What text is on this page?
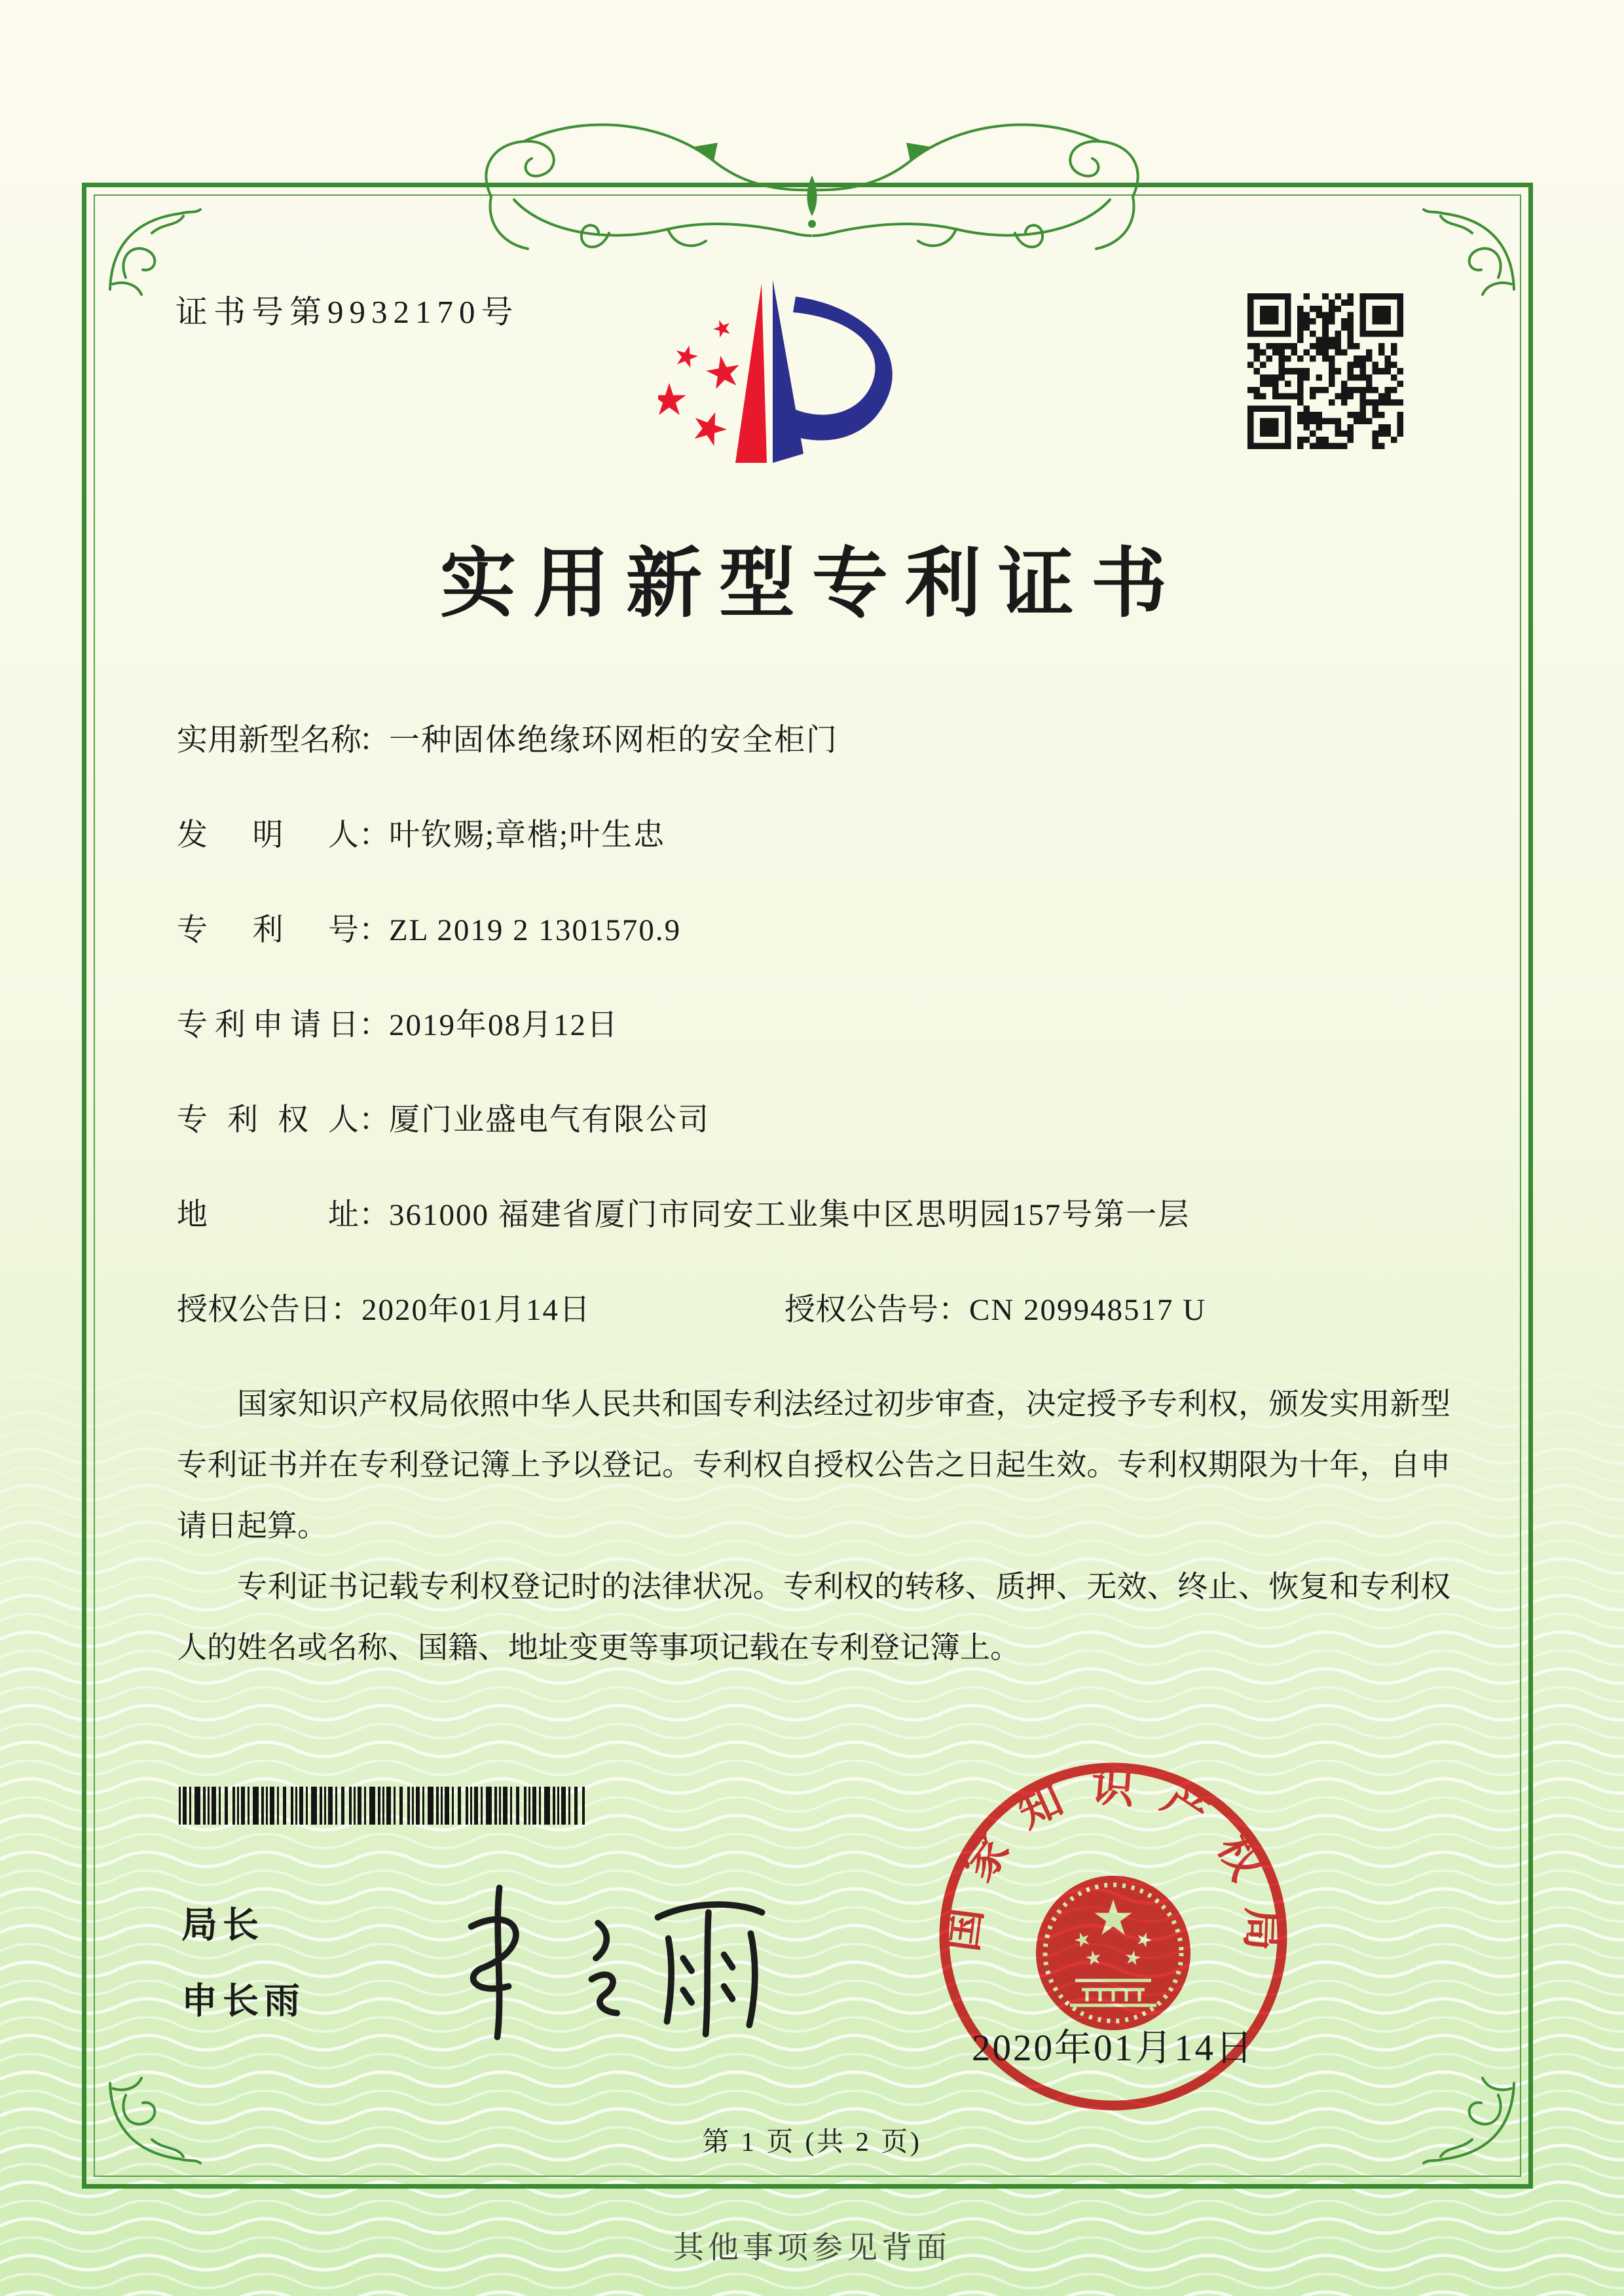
证书号第9932170号
实用新型专利证书
实用新型名称：一种固体绝缘环网柜的安全柜门
发明人：叶钦赐;章楷;叶生忠
专利号：ZL 2019 2 1301570.9
专利申请日：2019年08月12日
专利权人：厦门业盛电气有限公司
地址：361000 福建省厦门市同安工业集中区思明园157号第一层
授权公告日：2020年01月14日	授权公告号：CN 209948517 U

国家知识产权局依照中华人民共和国专利法经过初步审查，决定授予专利权，颁发实用新型专利证书并在专利登记簿上予以登记。专利权自授权公告之日起生效。专利权期限为十年，自申请日起算。

专利证书记载专利权登记时的法律状况。专利权的转移、质押、无效、终止、恢复和专利权人的姓名或名称、国籍、地址变更等事项记载在专利登记簿上。

局长
申长雨
国家知识产权局
2020年01月14日
第 1 页 (共 2 页)
其他事项参见背面
